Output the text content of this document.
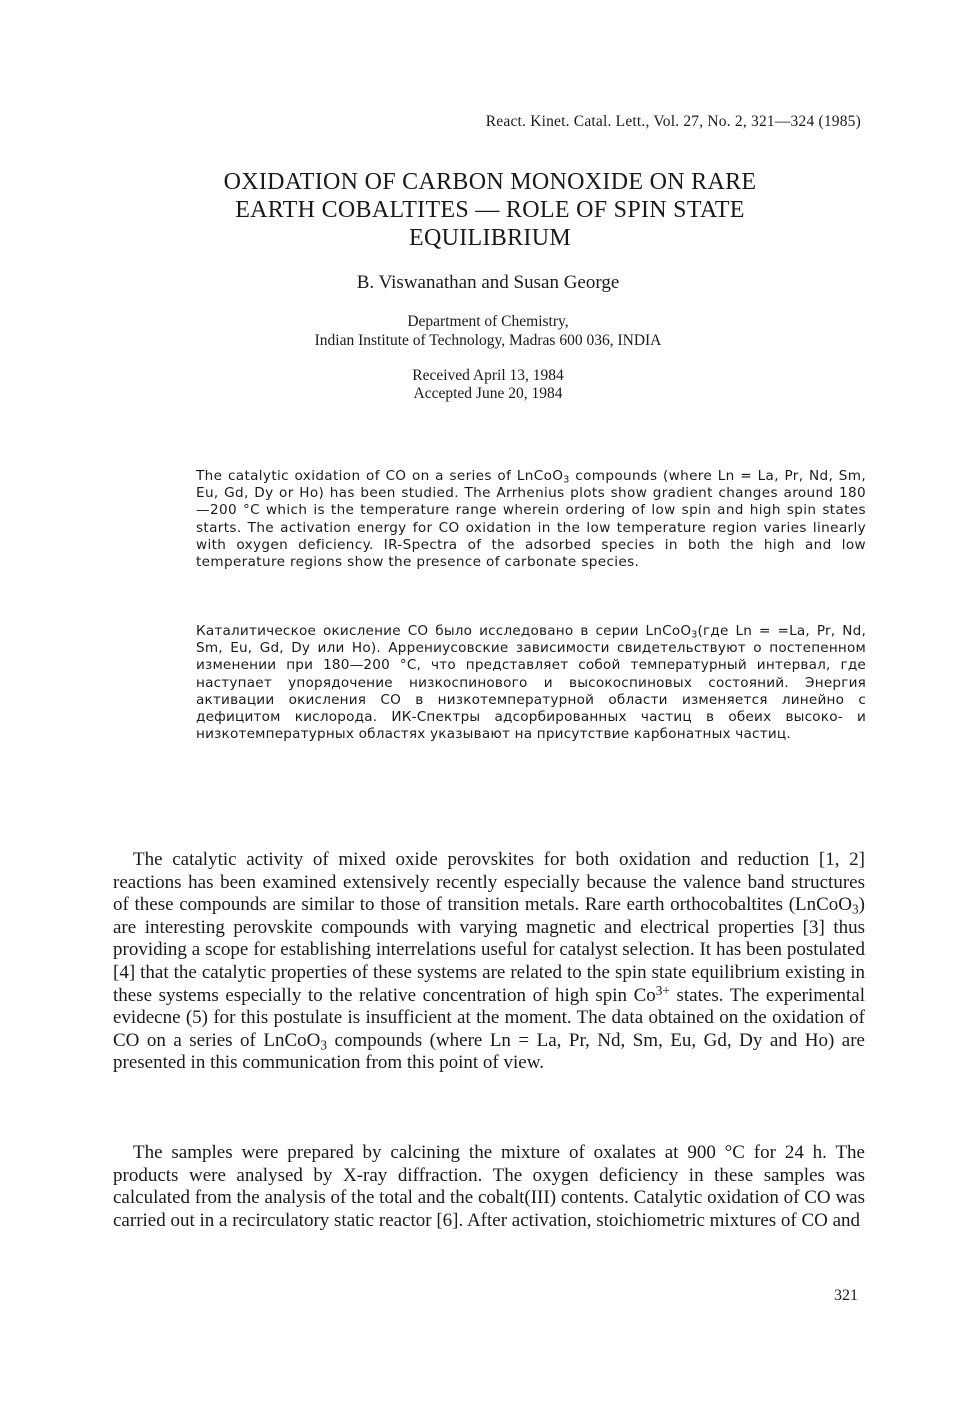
React. Kinet. Catal. Lett., Vol. 27, No. 2, 321—324 (1985)
OXIDATION OF CARBON MONOXIDE ON RARE
EARTH COBALTITES — ROLE OF SPIN STATE
EQUILIBRIUM
B. Viswanathan and Susan George
Department of Chemistry,
Indian Institute of Technology, Madras 600 036, INDIA
Received April 13, 1984
Accepted June 20, 1984

The catalytic oxidation of CO on a series of LnCoO$_3$ compounds (where Ln = La, Pr, Nd, Sm, Eu, Gd, Dy or Ho) has been studied. The Arrhenius plots show gradient changes around 180—200 °C which is the temperature range wherein ordering of low spin and high spin states starts. The activation energy for CO oxidation in the low temperature region varies linearly with oxygen deficiency. IR-Spectra of the adsorbed species in both the high and low temperature regions show the presence of carbonate species.

Каталитическое окисление CO было исследовано в серии LnCoO$_3$(где Ln = =La, Pr, Nd, Sm, Eu, Gd, Dy или Ho). Аррениусовские зависимости свидетельствуют о постепенном изменении при 180—200 °C, что представляет собой температурный интервал, где наступает упорядочение низкоспинового и высокоспиновых состояний. Энергия активации окисления CO в низкотемпературной области изменяется линейно с дефицитом кислорода. ИК-Спектры адсорбированных частиц в обеих высоко- и низкотемпературных областях указывают на присутствие карбонатных частиц.

The catalytic activity of mixed oxide perovskites for both oxidation and reduction [1, 2] reactions has been examined extensively recently especially because the valence band structures of these compounds are similar to those of transition metals. Rare earth orthocobaltites (LnCoO$_3$) are interesting perovskite compounds with varying magnetic and electrical properties [3] thus providing a scope for establishing interrelations useful for catalyst selection. It has been postulated [4] that the catalytic properties of these systems are related to the spin state equilibrium existing in these systems especially to the relative concentration of high spin $Co^{3+}$ states. The experimental evidecne (5) for this postulate is insufficient at the moment. The data obtained on the oxidation of CO on a series of LnCoO$_3$ compounds (where Ln = La, Pr, Nd, Sm, Eu, Gd, Dy and Ho) are presented in this communication from this point of view.

The samples were prepared by calcining the mixture of oxalates at 900 °C for 24 h. The products were analysed by X-ray diffraction. The oxygen deficiency in these samples was calculated from the analysis of the total and the cobalt(III) contents. Catalytic oxidation of CO was carried out in a recirculatory static reactor [6]. After activation, stoichiometric mixtures of CO and

321
